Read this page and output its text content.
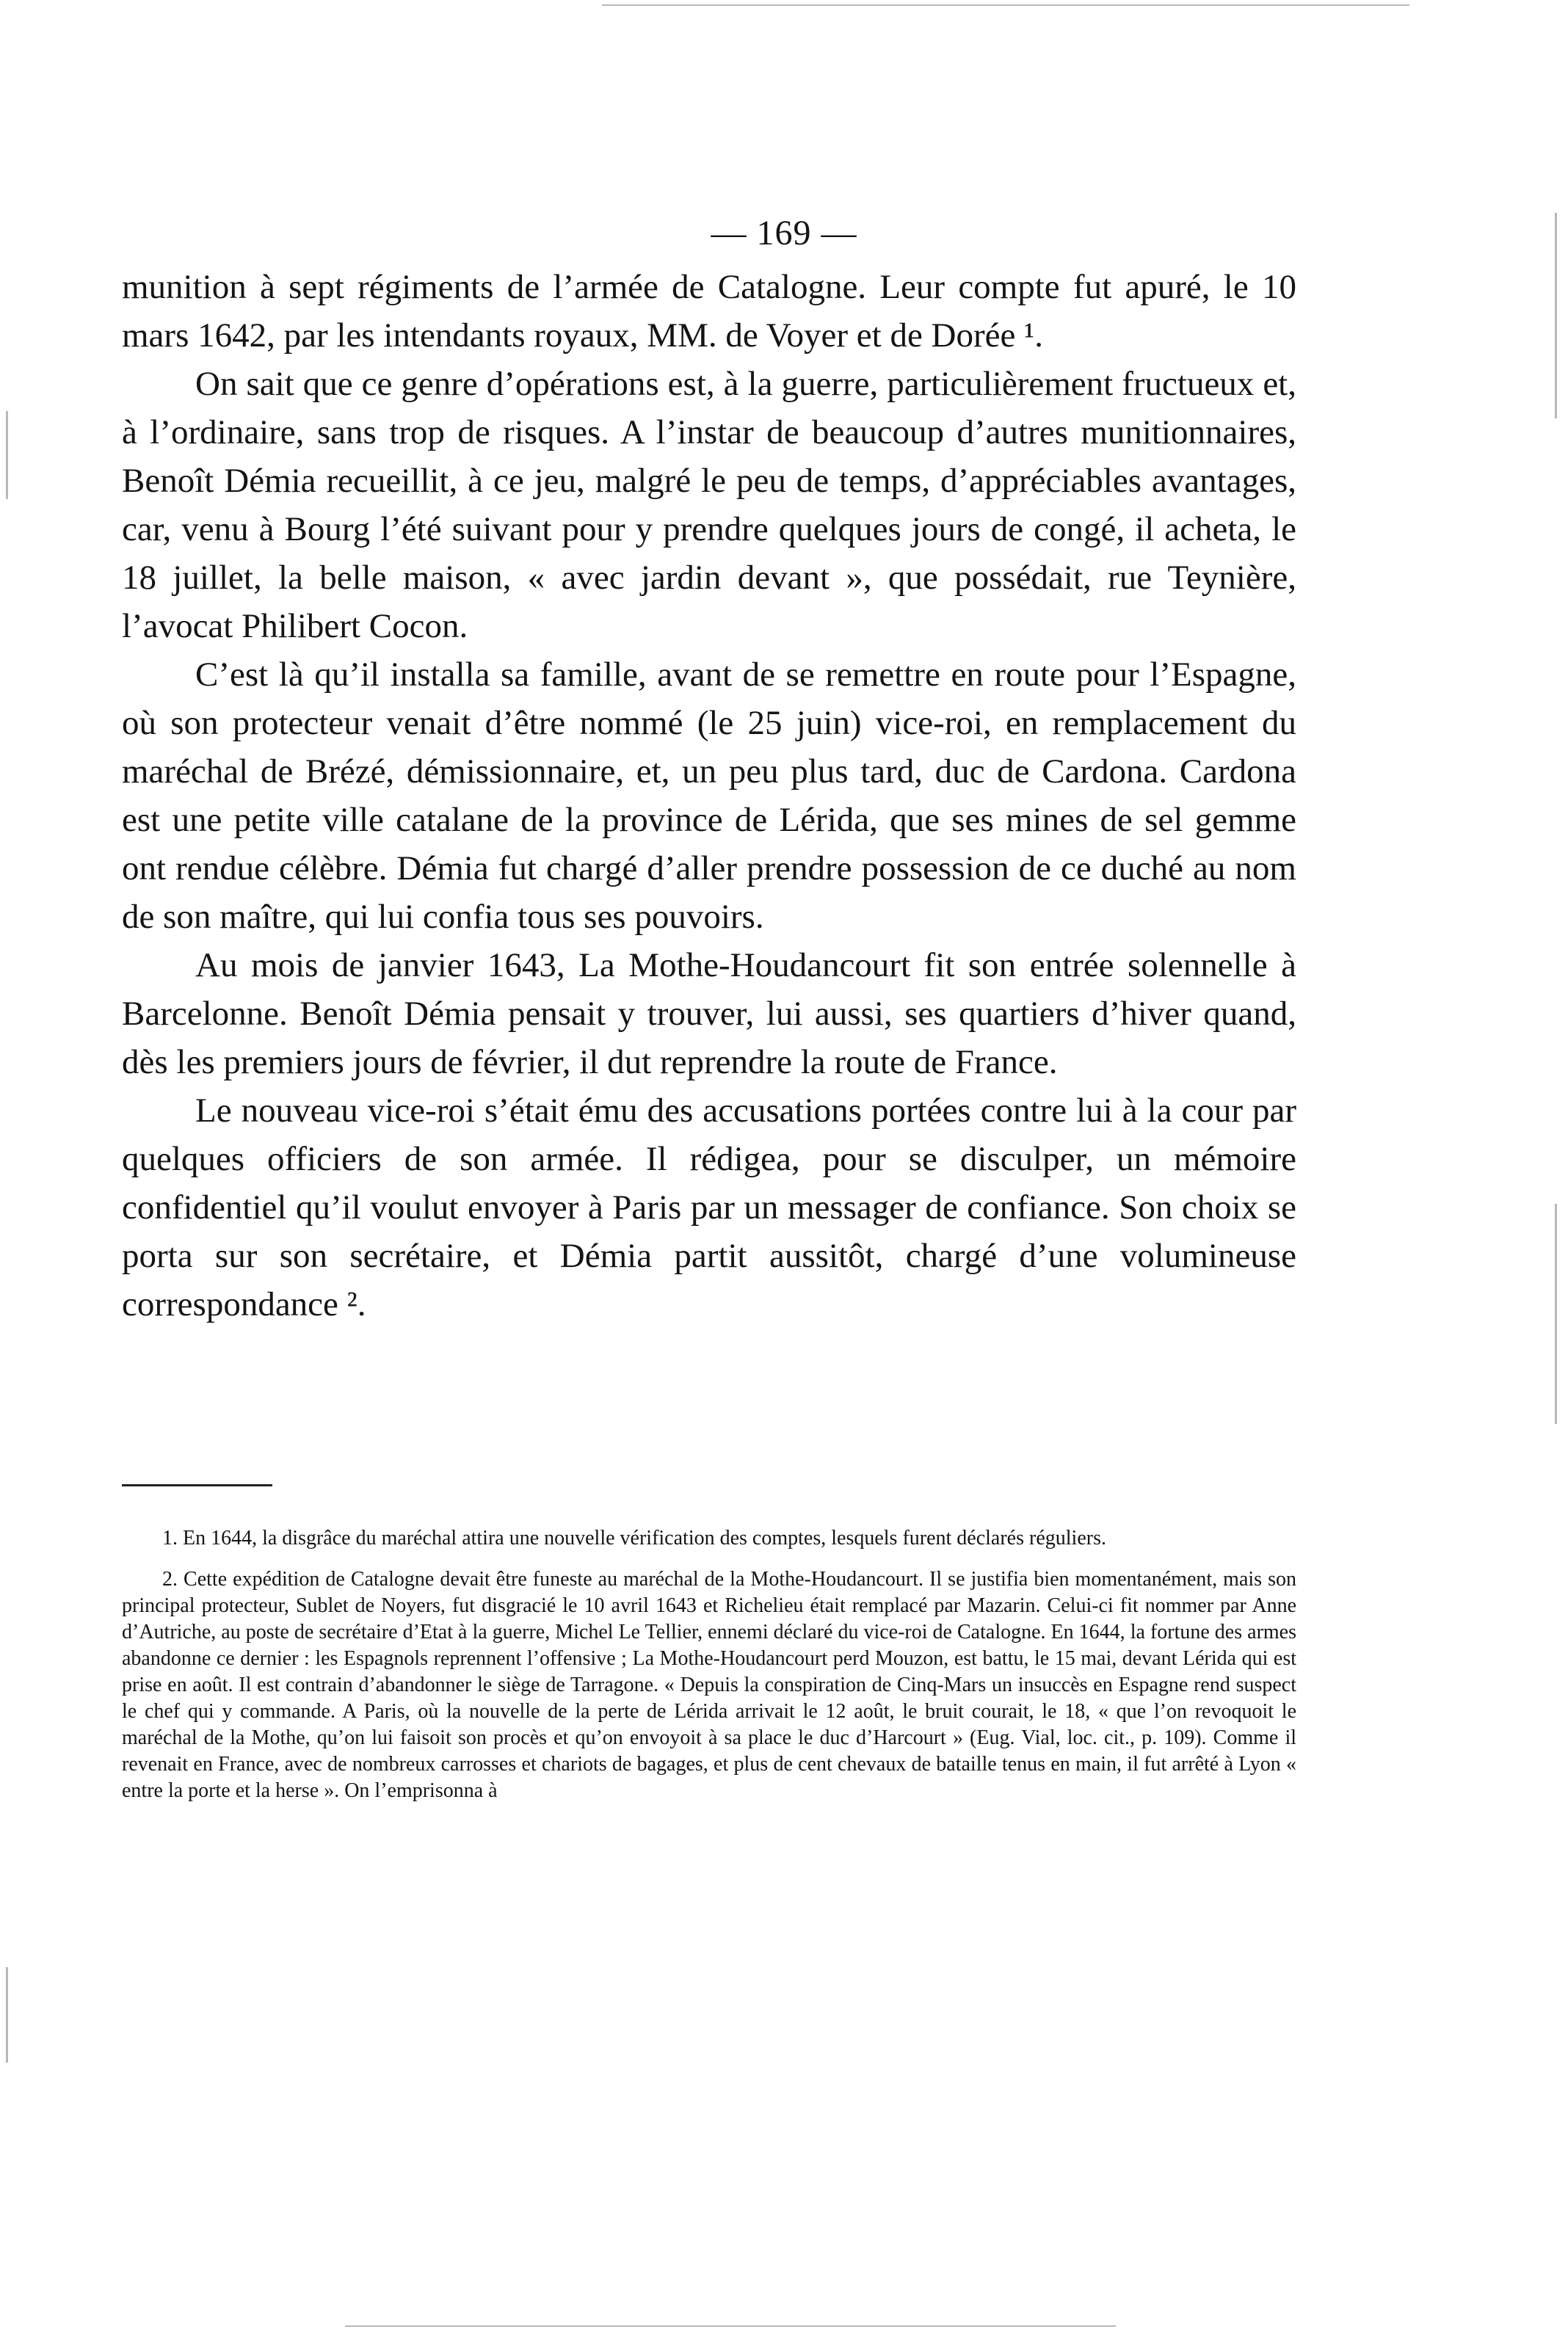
— 169 —

munition à sept régiments de l’armée de Catalogne. Leur compte fut apuré, le 10 mars 1642, par les intendants royaux, MM. de Voyer et de Dorée ¹.

On sait que ce genre d’opérations est, à la guerre, particulièrement fructueux et, à l’ordinaire, sans trop de risques. A l’instar de beaucoup d’autres munitionnaires, Benoît Démia recueillit, à ce jeu, malgré le peu de temps, d’appréciables avantages, car, venu à Bourg l’été suivant pour y prendre quelques jours de congé, il acheta, le 18 juillet, la belle maison, « avec jardin devant », que possédait, rue Teynière, l’avocat Philibert Cocon.

C’est là qu’il installa sa famille, avant de se remettre en route pour l’Espagne, où son protecteur venait d’être nommé (le 25 juin) vice-roi, en remplacement du maréchal de Brézé, démissionnaire, et, un peu plus tard, duc de Cardona. Cardona est une petite ville catalane de la province de Lérida, que ses mines de sel gemme ont rendue célèbre. Démia fut chargé d’aller prendre possession de ce duché au nom de son maître, qui lui confia tous ses pouvoirs.

Au mois de janvier 1643, La Mothe-Houdancourt fit son entrée solennelle à Barcelonne. Benoît Démia pensait y trouver, lui aussi, ses quartiers d’hiver quand, dès les premiers jours de février, il dut reprendre la route de France.

Le nouveau vice-roi s’était ému des accusations portées contre lui à la cour par quelques officiers de son armée. Il rédigea, pour se disculper, un mémoire confidentiel qu’il voulut envoyer à Paris par un messager de confiance. Son choix se porta sur son secrétaire, et Démia partit aussitôt, chargé d’une volumineuse correspondance ².

1. En 1644, la disgrâce du maréchal attira une nouvelle vérification des comptes, lesquels furent déclarés réguliers.

2. Cette expédition de Catalogne devait être funeste au maréchal de la Mothe-Houdancourt. Il se justifia bien momentanément, mais son principal protecteur, Sublet de Noyers, fut disgracié le 10 avril 1643 et Richelieu était remplacé par Mazarin. Celui-ci fit nommer par Anne d’Autriche, au poste de secrétaire d’Etat à la guerre, Michel Le Tellier, ennemi déclaré du vice-roi de Catalogne. En 1644, la fortune des armes abandonne ce dernier : les Espagnols reprennent l’offensive ; La Mothe-Houdancourt perd Mouzon, est battu, le 15 mai, devant Lérida qui est prise en août. Il est contrain d’abandonner le siège de Tarragone. « Depuis la conspiration de Cinq-Mars un insuccès en Espagne rend suspect le chef qui y commande. A Paris, où la nouvelle de la perte de Lérida arrivait le 12 août, le bruit courait, le 18, « que l’on revoquoit le maréchal de la Mothe, qu’on lui faisoit son procès et qu’on envoyoit à sa place le duc d’Harcourt » (Eug. Vial, loc. cit., p. 109). Comme il revenait en France, avec de nombreux carrosses et chariots de bagages, et plus de cent chevaux de bataille tenus en main, il fut arrêté à Lyon « entre la porte et la herse ». On l’emprisonna à
